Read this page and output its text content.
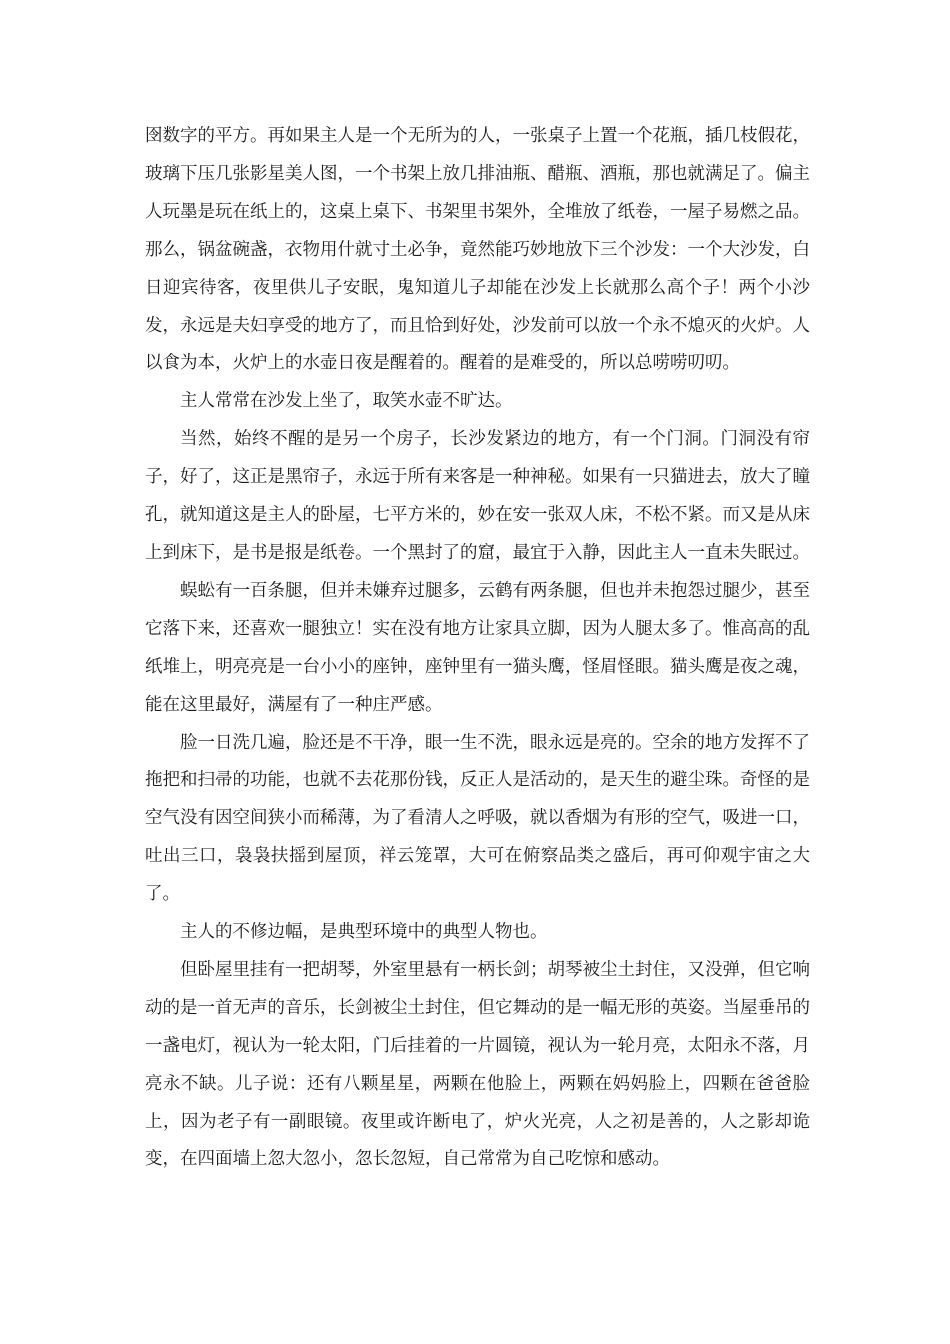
囹数字的平方。再如果主人是一个无所为的人，一张桌子上置一个花瓶，插几枝假花，玻璃下压几张影星美人图，一个书架上放几排油瓶、醋瓶、酒瓶，那也就满足了。偏主人玩墨是玩在纸上的，这桌上桌下、书架里书架外，全堆放了纸卷，一屋子易燃之品。那么，锅盆碗盏，衣物用什就寸土必争，竟然能巧妙地放下三个沙发：一个大沙发，白日迎宾待客，夜里供儿子安眠，鬼知道儿子却能在沙发上长就那么高个子！两个小沙发，永远是夫妇享受的地方了，而且恰到好处，沙发前可以放一个永不熄灭的火炉。人以食为本，火炉上的水壶日夜是醒着的。醒着的是难受的，所以总唠唠叨叨。

主人常常在沙发上坐了，取笑水壶不旷达。

当然，始终不醒的是另一个房子，长沙发紧边的地方，有一个门洞。门洞没有帘子，好了，这正是黑帘子，永远于所有来客是一种神秘。如果有一只猫进去，放大了瞳孔，就知道这是主人的卧屋，七平方米的，妙在安一张双人床，不松不紧。而又是从床上到床下，是书是报是纸卷。一个黑封了的窟，最宜于入静，因此主人一直未失眠过。

蜈蚣有一百条腿，但并未嫌弃过腿多，云鹤有两条腿，但也并未抱怨过腿少，甚至它落下来，还喜欢一腿独立！实在没有地方让家具立脚，因为人腿太多了。惟高高的乱纸堆上，明亮亮是一台小小的座钟，座钟里有一猫头鹰，怪眉怪眼。猫头鹰是夜之魂，能在这里最好，满屋有了一种庄严感。

脸一日洗几遍，脸还是不干净，眼一生不洗，眼永远是亮的。空余的地方发挥不了拖把和扫帚的功能，也就不去花那份钱，反正人是活动的，是天生的避尘珠。奇怪的是空气没有因空间狭小而稀薄，为了看清人之呼吸，就以香烟为有形的空气，吸进一口，吐出三口，袅袅扶摇到屋顶，祥云笼罩，大可在俯察品类之盛后，再可仰观宇宙之大了。

主人的不修边幅，是典型环境中的典型人物也。

但卧屋里挂有一把胡琴，外室里悬有一柄长剑；胡琴被尘土封住，又没弹，但它响动的是一首无声的音乐，长剑被尘土封住，但它舞动的是一幅无形的英姿。当屋垂吊的一盏电灯，视认为一轮太阳，门后挂着的一片圆镜，视认为一轮月亮，太阳永不落，月亮永不缺。儿子说：还有八颗星星，两颗在他脸上，两颗在妈妈脸上，四颗在爸爸脸上，因为老子有一副眼镜。夜里或许断电了，炉火光亮，人之初是善的，人之影却诡变，在四面墙上忽大忽小，忽长忽短，自己常常为自己吃惊和感动。
